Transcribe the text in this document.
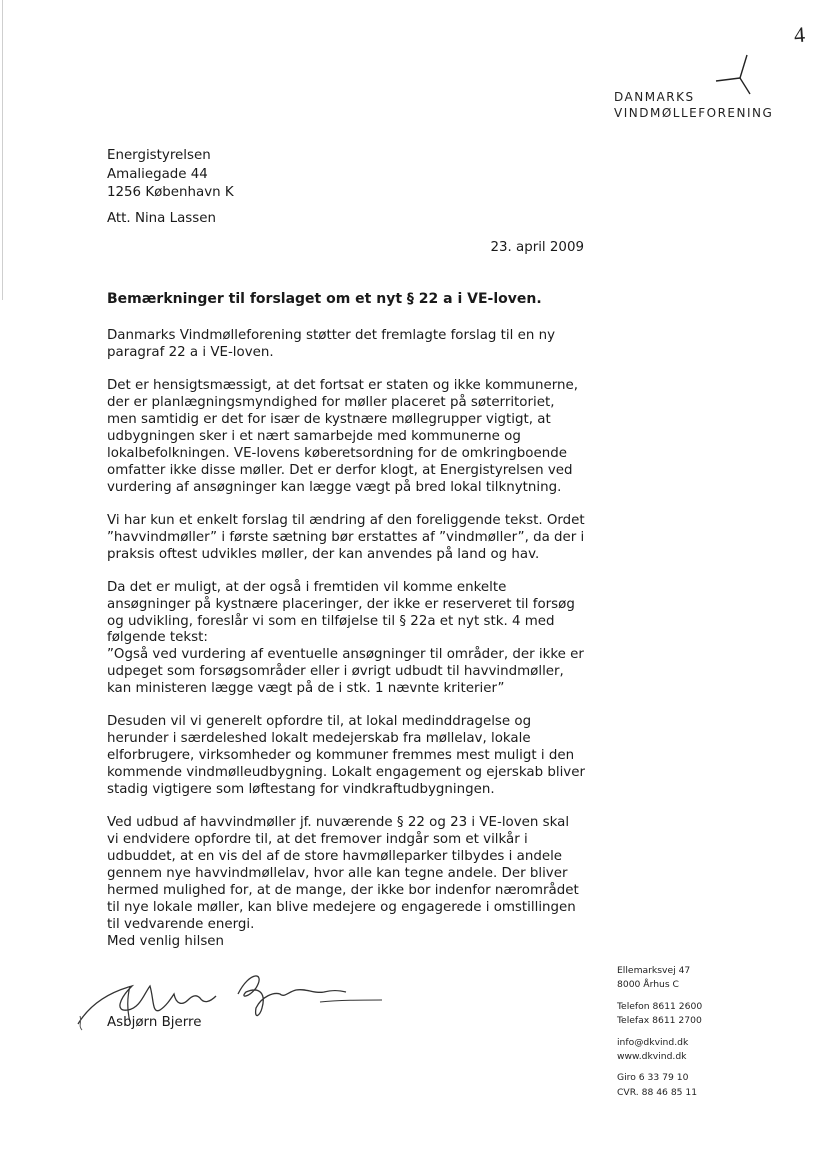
4
DANMARKS
VINDMØLLEFORENING
Energistyrelsen
Amaliegade 44
1256 København K
Att. Nina Lassen
23. april 2009
Bemærkninger til forslaget om et nyt § 22 a i VE-loven.

Danmarks Vindmølleforening støtter det fremlagte forslag til en ny
paragraf 22 a i VE-loven.

Det er hensigtsmæssigt, at det fortsat er staten og ikke kommunerne,
der er planlægningsmyndighed for møller placeret på søterritoriet,
men samtidig er det for især de kystnære møllegrupper vigtigt, at
udbygningen sker i et nært samarbejde med kommunerne og
lokalbefolkningen. VE-lovens køberetsordning for de omkringboende
omfatter ikke disse møller. Det er derfor klogt, at Energistyrelsen ved
vurdering af ansøgninger kan lægge vægt på bred lokal tilknytning.

Vi har kun et enkelt forslag til ændring af den foreliggende tekst. Ordet
”havvindmøller” i første sætning bør erstattes af ”vindmøller”, da der i
praksis oftest udvikles møller, der kan anvendes på land og hav.

Da det er muligt, at der også i fremtiden vil komme enkelte
ansøgninger på kystnære placeringer, der ikke er reserveret til forsøg
og udvikling, foreslår vi som en tilføjelse til § 22a et nyt stk. 4 med
følgende tekst:
”Også ved vurdering af eventuelle ansøgninger til områder, der ikke er
udpeget som forsøgsområder eller i øvrigt udbudt til havvindmøller,
kan ministeren lægge vægt på de i stk. 1 nævnte kriterier”

Desuden vil vi generelt opfordre til, at lokal medinddragelse og
herunder i særdeleshed lokalt medejerskab fra møllelav, lokale
elforbrugere, virksomheder og kommuner fremmes mest muligt i den
kommende vindmølleudbygning. Lokalt engagement og ejerskab bliver
stadig vigtigere som løftestang for vindkraftudbygningen.

Ved udbud af havvindmøller jf. nuværende § 22 og 23 i VE-loven skal
vi endvidere opfordre til, at det fremover indgår som et vilkår i
udbuddet, at en vis del af de store havmølleparker tilbydes i andele
gennem nye havvindmøllelav, hvor alle kan tegne andele. Der bliver
hermed mulighed for, at de mange, der ikke bor indenfor nærområdet
til nye lokale møller, kan blive medejere og engagerede i omstillingen
til vedvarende energi.

Med venlig hilsen
Asbjørn Bjerre
Ellemarksvej 47
8000 Århus C
Telefon 8611 2600
Telefax 8611 2700
info@dkvind.dk
www.dkvind.dk
Giro 6 33 79 10
CVR. 88 46 85 11
